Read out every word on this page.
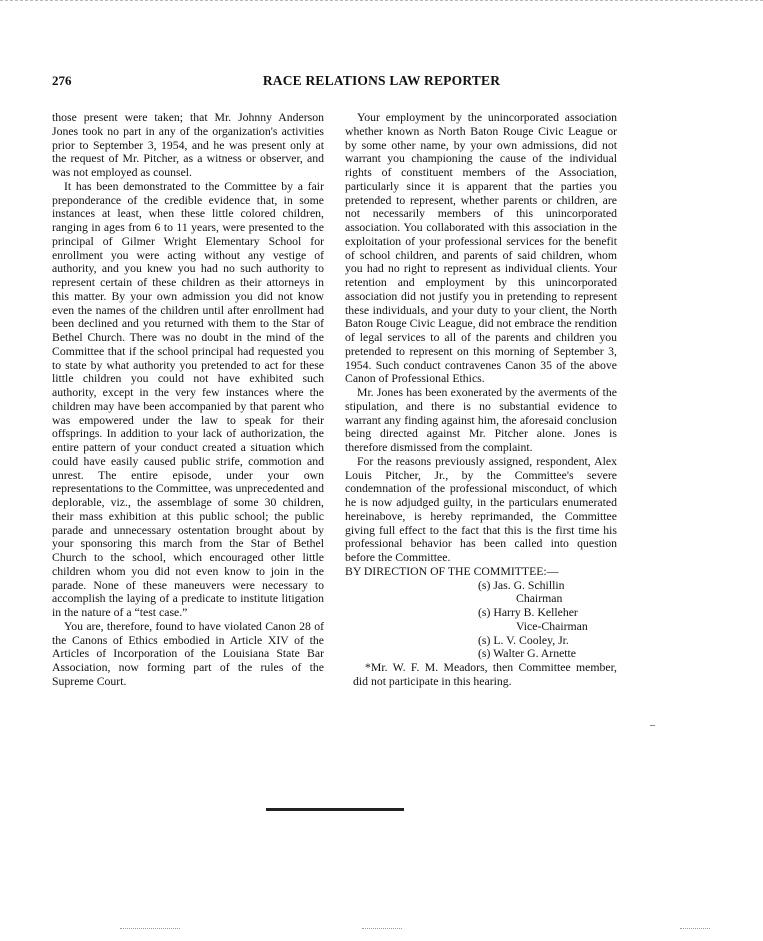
276	RACE RELATIONS LAW REPORTER

those present were taken; that Mr. Johnny Anderson Jones took no part in any of the organization's activities prior to September 3, 1954, and he was present only at the request of Mr. Pitcher, as a witness or observer, and was not employed as counsel.

It has been demonstrated to the Committee by a fair preponderance of the credible evidence that, in some instances at least, when these little colored children, ranging in ages from 6 to 11 years, were presented to the principal of Gilmer Wright Elementary School for enrollment you were acting without any vestige of authority, and you knew you had no such authority to represent certain of these children as their attorneys in this matter. By your own admission you did not know even the names of the children until after enrollment had been declined and you returned with them to the Star of Bethel Church. There was no doubt in the mind of the Committee that if the school principal had requested you to state by what authority you pretended to act for these little children you could not have exhibited such authority, except in the very few instances where the children may have been accompanied by that parent who was empowered under the law to speak for their offsprings. In addition to your lack of authorization, the entire pattern of your conduct created a situation which could have easily caused public strife, commotion and unrest. The entire episode, under your own representations to the Committee, was unprecedented and deplorable, viz., the assemblage of some 30 children, their mass exhibition at this public school; the public parade and unnecessary ostentation brought about by your sponsoring this march from the Star of Bethel Church to the school, which encouraged other little children whom you did not even know to join in the parade. None of these maneuvers were necessary to accomplish the laying of a predicate to institute litigation in the nature of a “test case.”

You are, therefore, found to have violated Canon 28 of the Canons of Ethics embodied in Article XIV of the Articles of Incorporation of the Louisiana State Bar Association, now forming part of the rules of the Supreme Court.

Your employment by the unincorporated association whether known as North Baton Rouge Civic League or by some other name, by your own admissions, did not warrant you championing the cause of the individual rights of constituent members of the Association, particularly since it is apparent that the parties you pretended to represent, whether parents or children, are not necessarily members of this unincorporated association. You collaborated with this association in the exploitation of your professional services for the benefit of school children, and parents of said children, whom you had no right to represent as individual clients. Your retention and employment by this unincorporated association did not justify you in pretending to represent these individuals, and your duty to your client, the North Baton Rouge Civic League, did not embrace the rendition of legal services to all of the parents and children you pretended to represent on this morning of September 3, 1954. Such conduct contravenes Canon 35 of the above Canon of Professional Ethics.

Mr. Jones has been exonerated by the averments of the stipulation, and there is no substantial evidence to warrant any finding against him, the aforesaid conclusion being directed against Mr. Pitcher alone. Jones is therefore dismissed from the complaint.

For the reasons previously assigned, respondent, Alex Louis Pitcher, Jr., by the Committee's severe condemnation of the professional misconduct, of which he is now adjudged guilty, in the particulars enumerated hereinabove, is hereby reprimanded, the Committee giving full effect to the fact that this is the first time his professional behavior has been called into question before the Committee.

BY DIRECTION OF THE COMMITTEE:—
(s) Jas. G. Schillin
Chairman
(s) Harry B. Kelleher
Vice-Chairman
(s) L. V. Cooley, Jr.
(s) Walter G. Arnette

*Mr. W. F. M. Meadors, then Committee member, did not participate in this hearing.
